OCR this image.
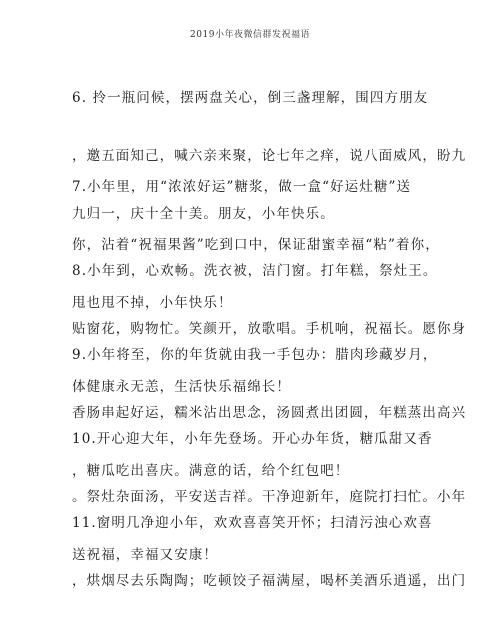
2019小年夜微信群发祝福语

6. 拎一瓶问候，摆两盘关心，倒三盏理解，围四方朋友

，邀五面知己，喊六亲来聚，论七年之痒，说八面威风，盼九

九归一，庆十全十美。朋友，小年快乐。

7.小年里，用“浓浓好运”糖浆，做一盒“好运灶糖”送

你，沾着“祝福果酱”吃到口中，保证甜蜜幸福“粘”着你，

甩也甩不掉，小年快乐！

8.小年到，心欢畅。洗衣被，洁门窗。打年糕，祭灶王。

贴窗花，购物忙。笑颜开，放歌唱。手机响，祝福长。愿你身

体健康永无恙，生活快乐福绵长！

9.小年将至，你的年货就由我一手包办：腊肉珍藏岁月，

香肠串起好运，糯米沾出思念，汤圆煮出团圆，年糕蒸出高兴

，糖瓜吃出喜庆。满意的话，给个红包吧！

10.开心迎大年，小年先登场。开心办年货，糖瓜甜又香

。祭灶杂面汤，平安送吉祥。干净迎新年，庭院打扫忙。小年

送祝福，幸福又安康！

11.窗明几净迎小年，欢欢喜喜笑开怀；扫清污浊心欢喜

，烘烟尽去乐陶陶；吃顿饺子福满屋，喝杯美酒乐逍遥，出门
